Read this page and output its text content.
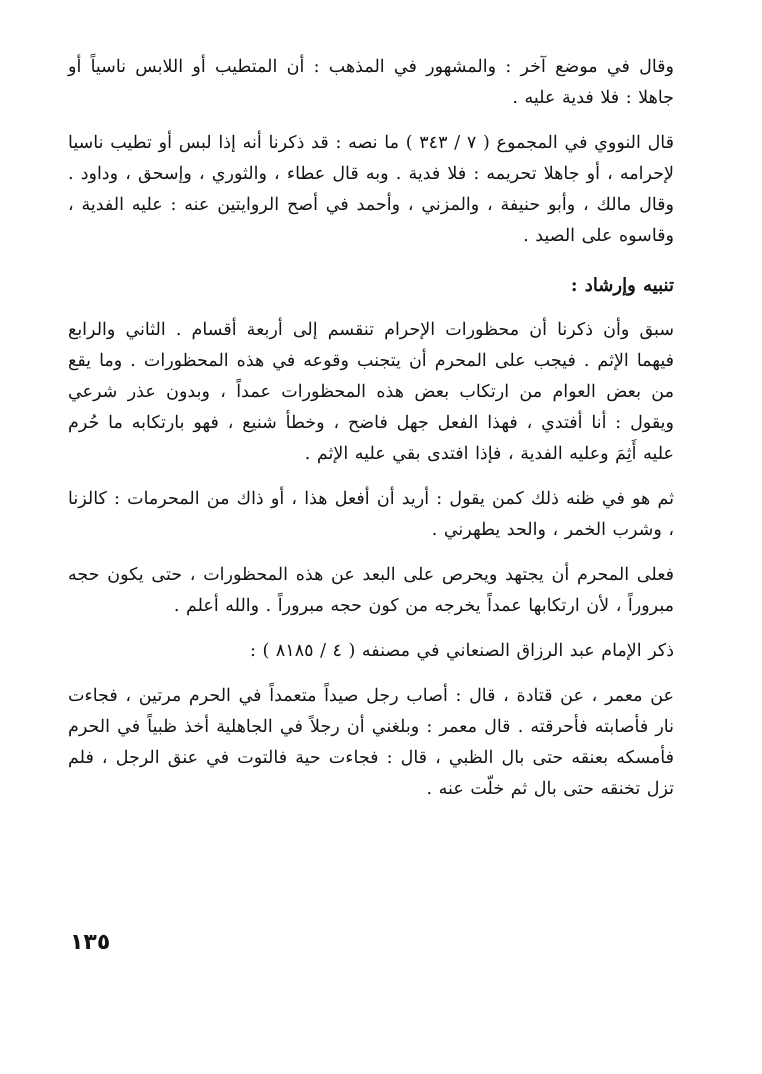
وقال في موضع آخر : والمشهور في المذهب : أن المتطيب أو اللابس ناسياً أو جاهلا : فلا فدية عليه .

قال النووي في المجموع ( ٧ / ٣٤٣ ) ما نصه : قد ذكرنا أنه إذا لبس أو تطيب ناسيا لإحرامه ، أو جاهلا تحريمه : فلا فدية . وبه قال عطاء ، والثوري ، وإسحق ، وداود . وقال مالك ، وأبو حنيفة ، والمزني ، وأحمد في أصح الروايتين عنه : عليه الفدية ، وقاسوه على الصيد .

تنبيه وإرشاد :

سبق وأن ذكرنا أن محظورات الإحرام تنقسم إلى أربعة أقسام . الثاني والرابع فيهما الإثم . فيجب على المحرم أن يتجنب وقوعه في هذه المحظورات . وما يقع من بعض العوام من ارتكاب بعض هذه المحظورات عمداً ، وبدون عذر شرعي ويقول : أنا أفتدي ، فهذا الفعل جهل فاضح ، وخطأ شنيع ، فهو بارتكابه ما حُرم عليه أَثِمَ وعليه الفدية ، فإذا افتدى بقي عليه الإثم .

ثم هو في ظنه ذلك كمن يقول : أريد أن أفعل هذا ، أو ذاك من المحرمات : كالزنا ، وشرب الخمر ، والحد يطهرني .

فعلى المحرم أن يجتهد ويحرص على البعد عن هذه المحظورات ، حتى يكون حجه مبروراً ، لأن ارتكابها عمداً يخرجه من كون حجه مبروراً . والله أعلم .

ذكر الإمام عبد الرزاق الصنعاني في مصنفه ( ٤ / ٨١٨٥ ) :

عن معمر ، عن قتادة ، قال : أصاب رجل صيداً متعمداً في الحرم مرتين ، فجاءت نار فأصابته فأحرقته . قال معمر : وبلغني أن رجلاً في الجاهلية أخذ ظبياً في الحرم فأمسكه بعنقه حتى بال الظبي ، قال : فجاءت حية فالتوت في عنق الرجل ، فلم تزل تخنقه حتى بال ثم خلّت عنه .

١٣٥
